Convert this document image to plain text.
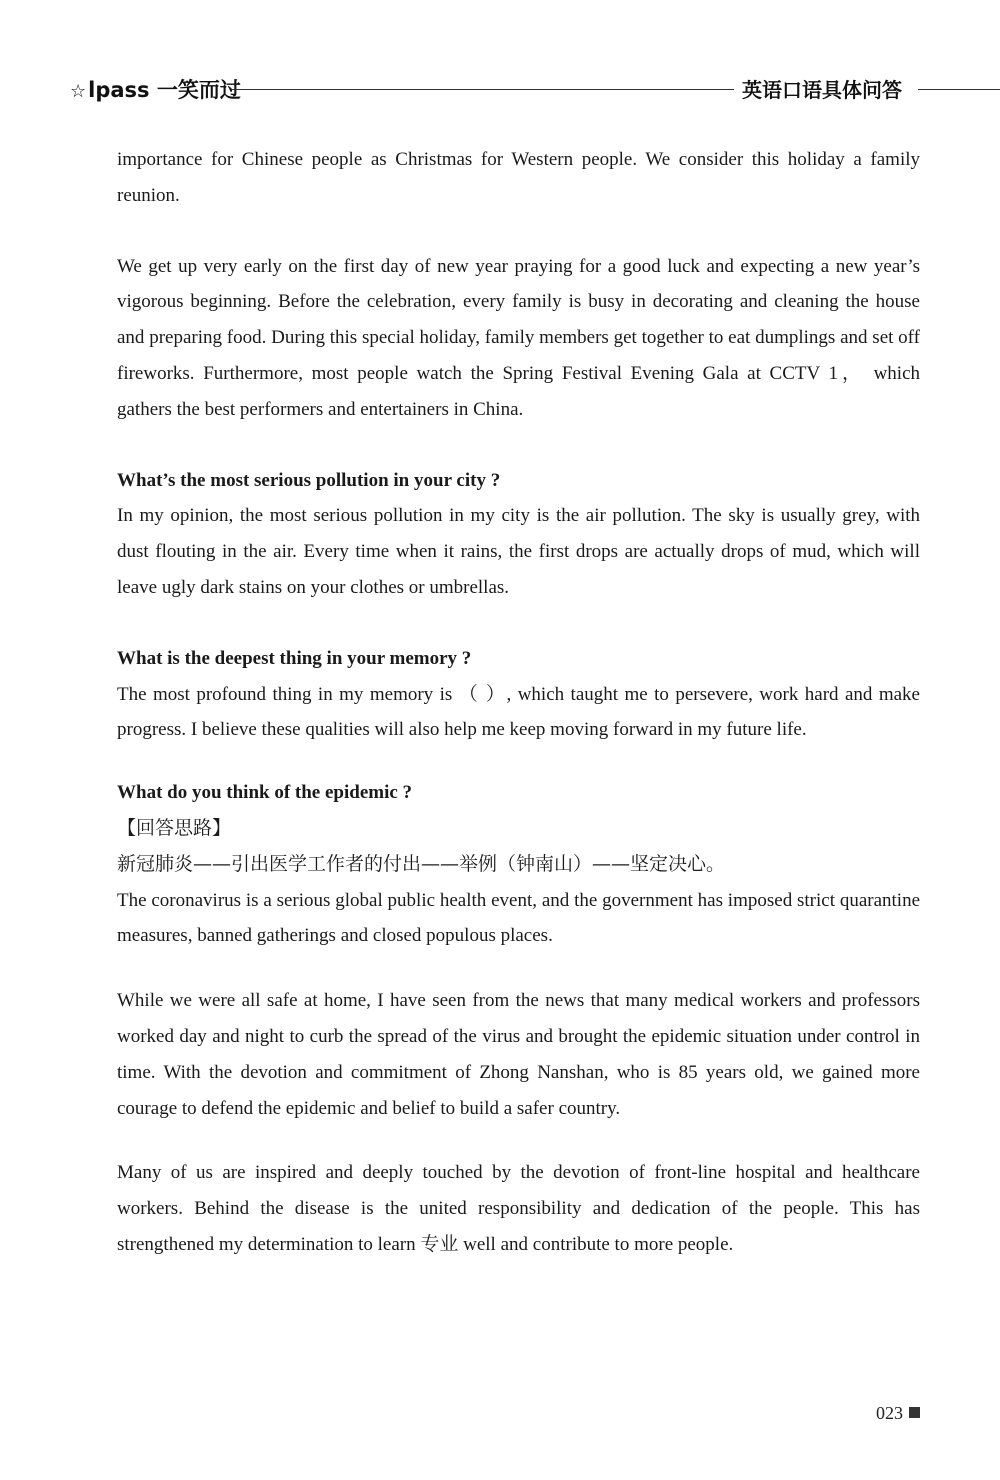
☆lpass 一笑而过	英语口语具体问答

importance for Chinese people as Christmas for Western people. We consider this holiday a family reunion.

We get up very early on the first day of new year praying for a good luck and expecting a new year’s vigorous beginning. Before the celebration, every family is busy in decorating and cleaning the house and preparing food. During this special holiday, family members get together to eat dumplings and set off fireworks. Furthermore, most people watch the Spring Festival Evening Gala at CCTV 1， which gathers the best performers and entertainers in China.

What’s the most serious pollution in your city ?

In my opinion, the most serious pollution in my city is the air pollution. The sky is usually grey, with dust flouting in the air. Every time when it rains, the first drops are actually drops of mud, which will leave ugly dark stains on your clothes or umbrellas.

What is the deepest thing in your memory ?

The most profound thing in my memory is （ ）, which taught me to persevere, work hard and make progress. I believe these qualities will also help me keep moving forward in my future life.

What do you think of the epidemic ?

【回答思路】

新冠肺炎——引出医学工作者的付出——举例（钟南山）——坚定决心。

The coronavirus is a serious global public health event, and the government has imposed strict quarantine measures, banned gatherings and closed populous places.

While we were all safe at home, I have seen from the news that many medical workers and professors worked day and night to curb the spread of the virus and brought the epidemic situation under control in time. With the devotion and commitment of Zhong Nanshan, who is 85 years old, we gained more courage to defend the epidemic and belief to build a safer country.

Many of us are inspired and deeply touched by the devotion of front-line hospital and healthcare workers. Behind the disease is the united responsibility and dedication of the people. This has strengthened my determination to learn 专业 well and contribute to more people.

023
